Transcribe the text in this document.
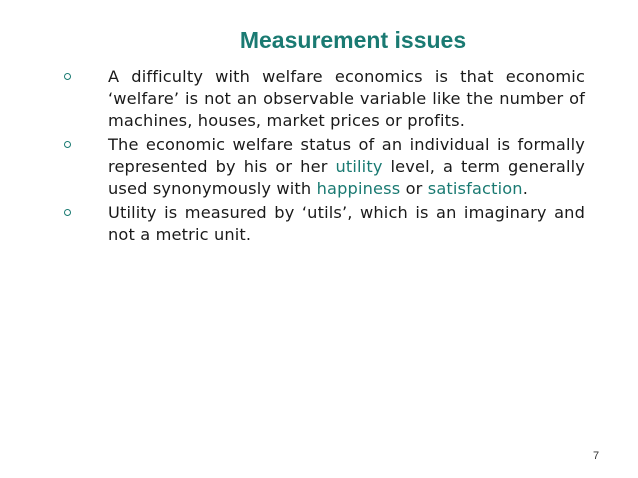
Measurement issues
A difficulty with welfare economics is that economic ‘welfare’ is not an observable variable like the number of machines, houses, market prices or profits.
The economic welfare status of an individual is formally represented by his or her utility level, a term generally used synonymously with happiness or satisfaction.
Utility is measured by ‘utils’, which is an imaginary and not a metric unit.
7
